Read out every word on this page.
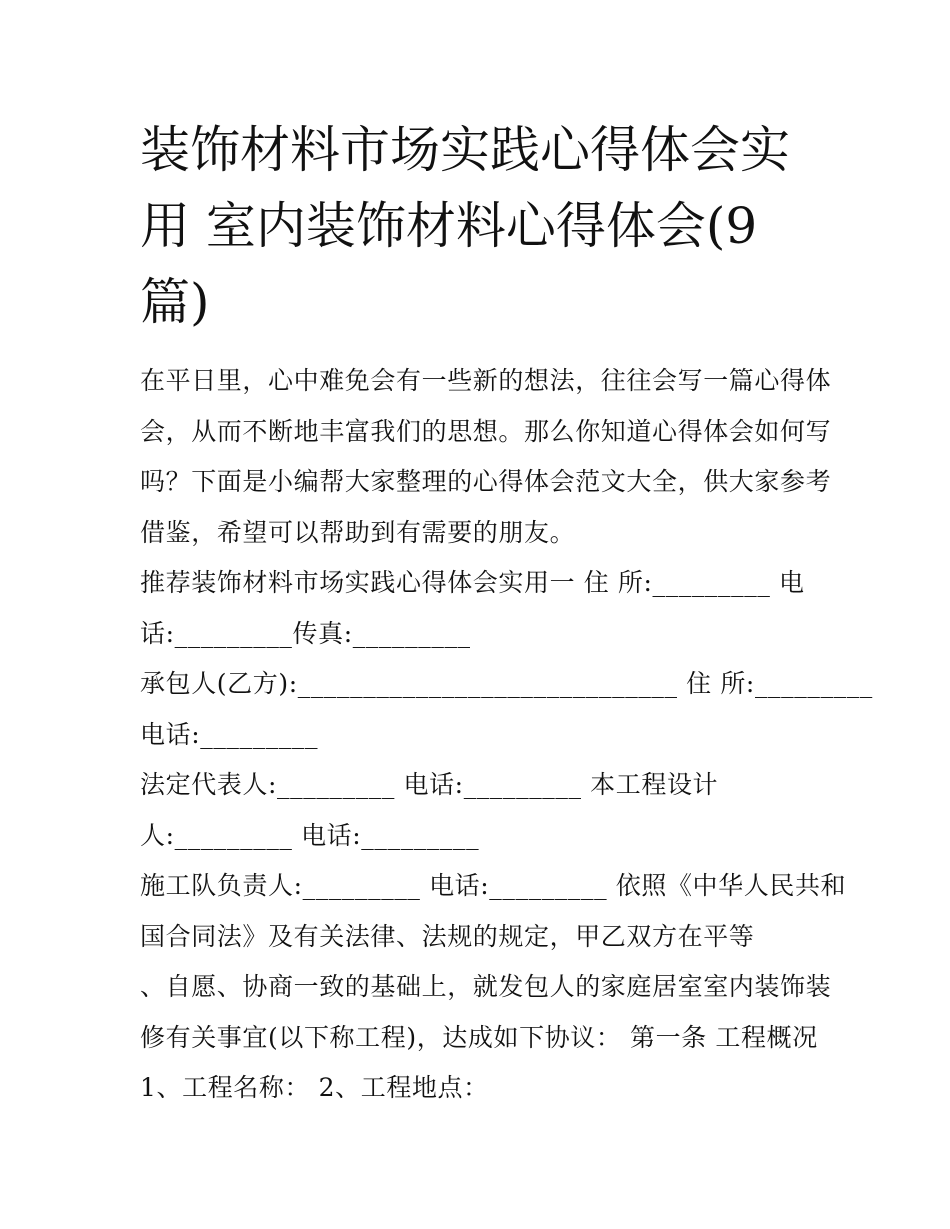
装饰材料市场实践心得体会实
用 室内装饰材料心得体会(9
篇)

在平日里，心中难免会有一些新的想法，往往会写一篇心得体
会，从而不断地丰富我们的思想。那么你知道心得体会如何写
吗？下面是小编帮大家整理的心得体会范文大全，供大家参考
借鉴，希望可以帮助到有需要的朋友。

推荐装饰材料市场实践心得体会实用一 住 所:_________ 电
话:_________传真:_________
承包人(乙方):_____________________________ 住 所:_________
电话:_________
法定代表人:_________ 电话:_________ 本工程设计
人:_________ 电话:_________
施工队负责人:_________ 电话:_________ 依照《中华人民共和
国合同法》及有关法律、法规的规定，甲乙双方在平等
、自愿、协商一致的基础上，就发包人的家庭居室室内装饰装
修有关事宜(以下称工程)，达成如下协议： 第一条 工程概况
1、工程名称： 2、工程地点：
